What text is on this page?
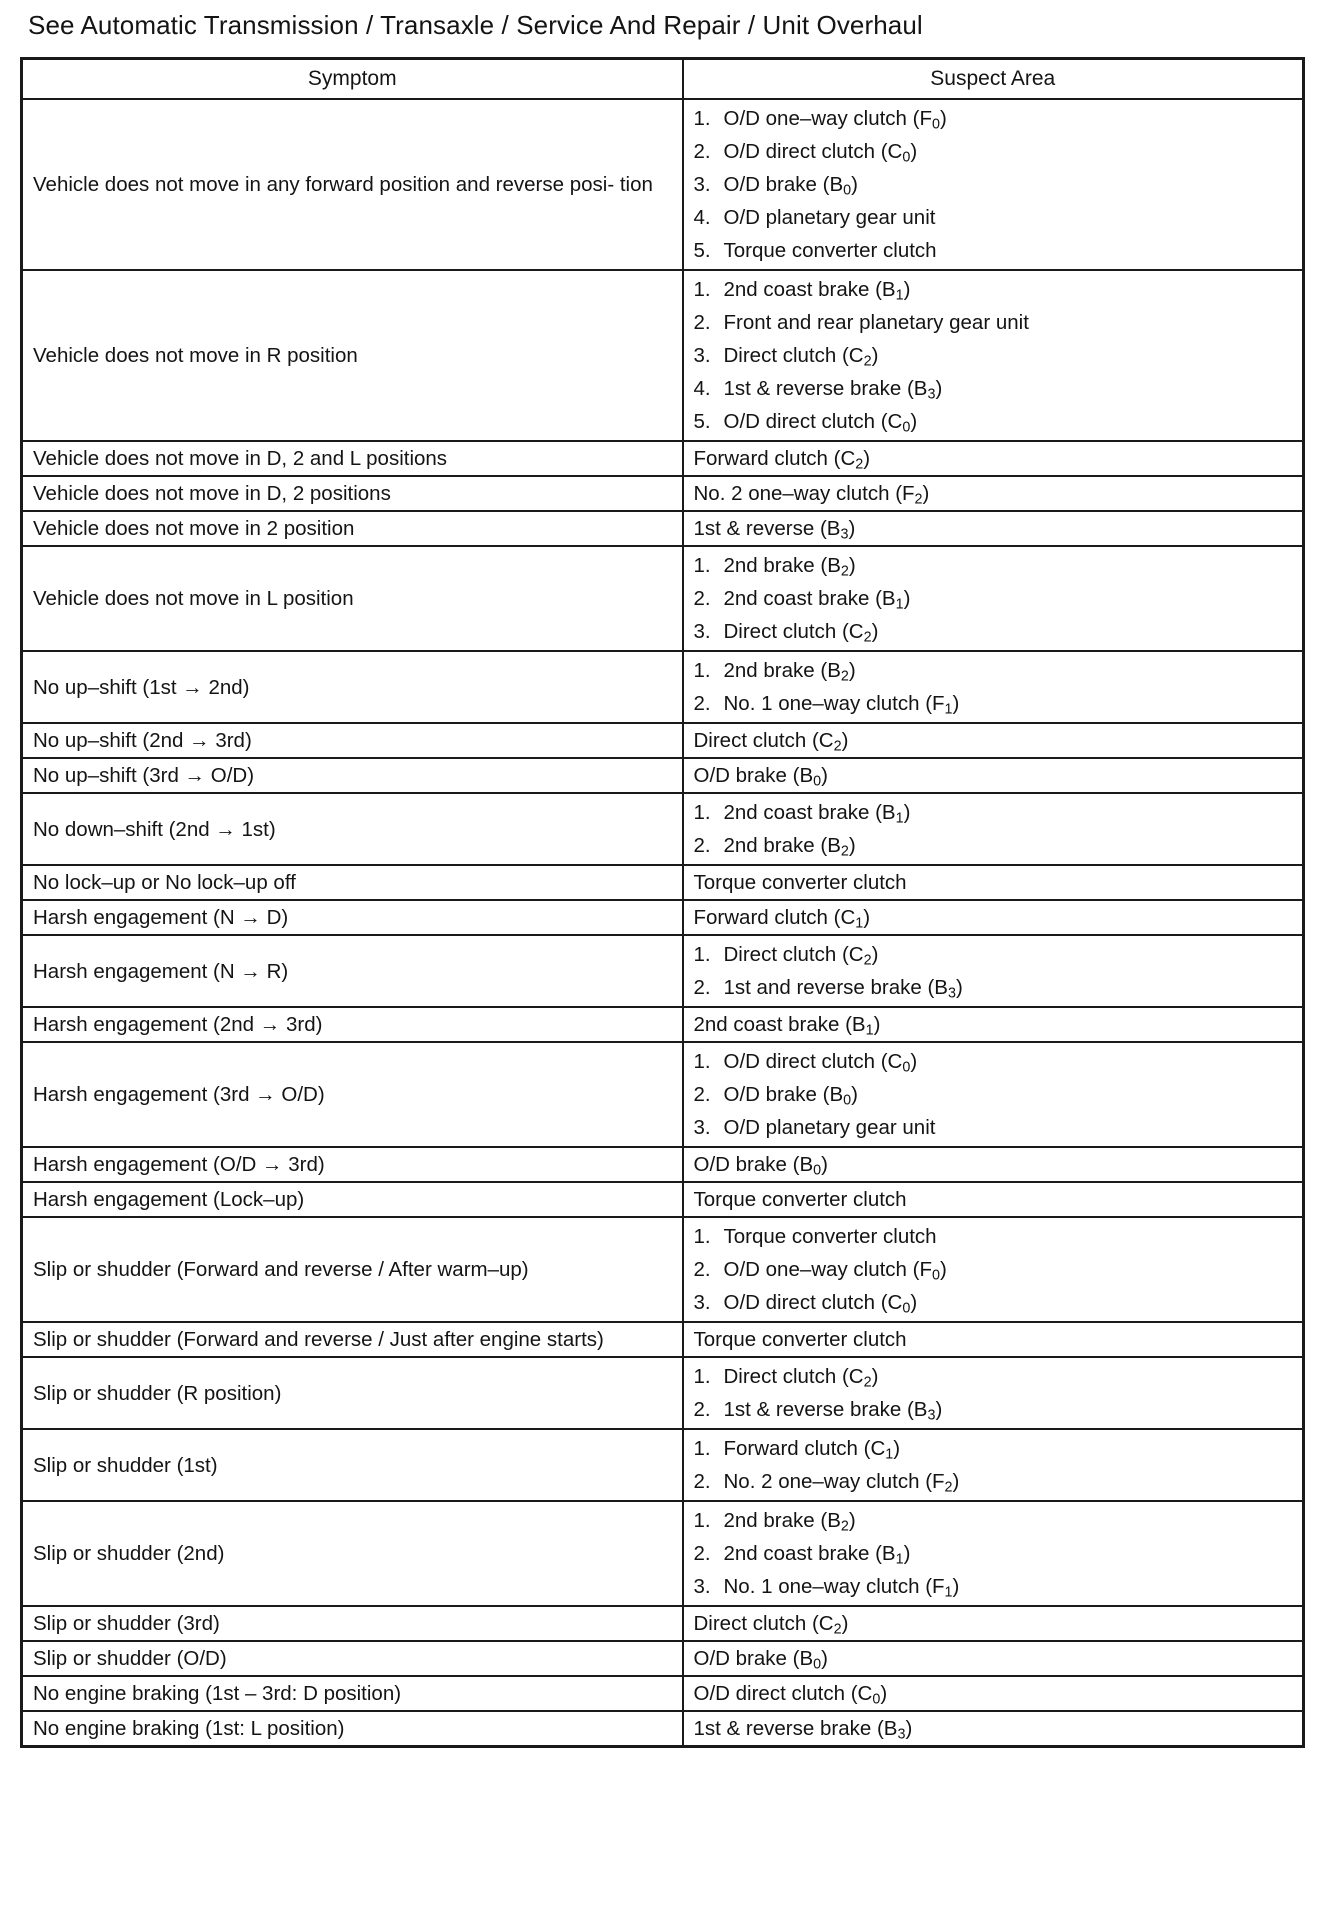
See Automatic Transmission / Transaxle / Service And Repair / Unit Overhaul
Symptom	Suspect Area

Vehicle does not move in any forward position and reverse posi- tion	1. O/D one–way clutch $(F_0)$
2. O/D direct clutch $(C_0)$
3. O/D brake $(B_0)$
4. O/D planetary gear unit
5. Torque converter clutch

Vehicle does not move in R position	1. 2nd coast brake $(B_1)$
2. Front and rear planetary gear unit
3. Direct clutch $(C_2)$
4. 1st & reverse brake $(B_3)$
5. O/D direct clutch $(C_0)$

Vehicle does not move in D, 2 and L positions	Forward clutch $(C_2)$

Vehicle does not move in D, 2 positions	No. 2 one–way clutch $(F_2)$

Vehicle does not move in 2 position	1st & reverse $(B_3)$

Vehicle does not move in L position	1. 2nd brake $(B_2)$
2. 2nd coast brake $(B_1)$
3. Direct clutch $(C_2)$

No up–shift (1st → 2nd)	1. 2nd brake $(B_2)$
2. No. 1 one–way clutch $(F_1)$

No up–shift (2nd → 3rd)	Direct clutch $(C_2)$

No up–shift (3rd → O/D)	O/D brake $(B_0)$

No down–shift (2nd → 1st)	1. 2nd coast brake $(B_1)$
2. 2nd brake $(B_2)$

No lock–up or No lock–up off	Torque converter clutch

Harsh engagement (N → D)	Forward clutch $(C_1)$

Harsh engagement (N → R)	1. Direct clutch $(C_2)$
2. 1st and reverse brake $(B_3)$

Harsh engagement (2nd → 3rd)	2nd coast brake $(B_1)$

Harsh engagement (3rd → O/D)	1. O/D direct clutch $(C_0)$
2. O/D brake $(B_0)$
3. O/D planetary gear unit

Harsh engagement (O/D → 3rd)	O/D brake $(B_0)$

Harsh engagement (Lock–up)	Torque converter clutch

Slip or shudder (Forward and reverse / After warm–up)	1. Torque converter clutch
2. O/D one–way clutch $(F_0)$
3. O/D direct clutch $(C_0)$

Slip or shudder (Forward and reverse / Just after engine starts)	Torque converter clutch

Slip or shudder (R position)	1. Direct clutch $(C_2)$
2. 1st & reverse brake $(B_3)$

Slip or shudder (1st)	1. Forward clutch $(C_1)$
2. No. 2 one–way clutch $(F_2)$

Slip or shudder (2nd)	1. 2nd brake $(B_2)$
2. 2nd coast brake $(B_1)$
3. No. 1 one–way clutch $(F_1)$

Slip or shudder (3rd)	Direct clutch $(C_2)$

Slip or shudder (O/D)	O/D brake $(B_0)$

No engine braking (1st – 3rd: D position)	O/D direct clutch $(C_0)$

No engine braking (1st: L position)	1st & reverse brake $(B_3)$
